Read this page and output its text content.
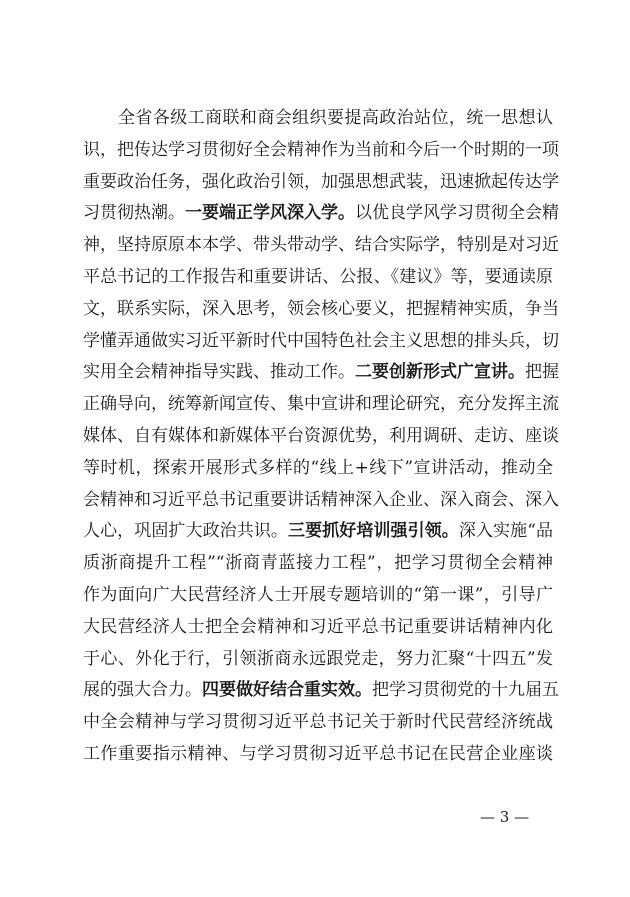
全省各级工商联和商会组织要提高政治站位，统一思想认
识，把传达学习贯彻好全会精神作为当前和今后一个时期的一项
重要政治任务，强化政治引领，加强思想武装，迅速掀起传达学
习贯彻热潮。一要端正学风深入学。以优良学风学习贯彻全会精
神，坚持原原本本学、带头带动学、结合实际学，特别是对习近
平总书记的工作报告和重要讲话、公报、《建议》等，要通读原
文，联系实际，深入思考，领会核心要义，把握精神实质，争当
学懂弄通做实习近平新时代中国特色社会主义思想的排头兵，切
实用全会精神指导实践、推动工作。二要创新形式广宣讲。把握
正确导向，统筹新闻宣传、集中宣讲和理论研究，充分发挥主流
媒体、自有媒体和新媒体平台资源优势，利用调研、走访、座谈
等时机，探索开展形式多样的“线上+线下”宣讲活动，推动全
会精神和习近平总书记重要讲话精神深入企业、深入商会、深入
人心，巩固扩大政治共识。三要抓好培训强引领。深入实施“品
质浙商提升工程”“浙商青蓝接力工程”，把学习贯彻全会精神
作为面向广大民营经济人士开展专题培训的“第一课”，引导广
大民营经济人士把全会精神和习近平总书记重要讲话精神内化
于心、外化于行，引领浙商永远跟党走，努力汇聚“十四五”发
展的强大合力。四要做好结合重实效。把学习贯彻党的十九届五
中全会精神与学习贯彻习近平总书记关于新时代民营经济统战
工作重要指示精神、与学习贯彻习近平总书记在民营企业座谈
— 3 —
